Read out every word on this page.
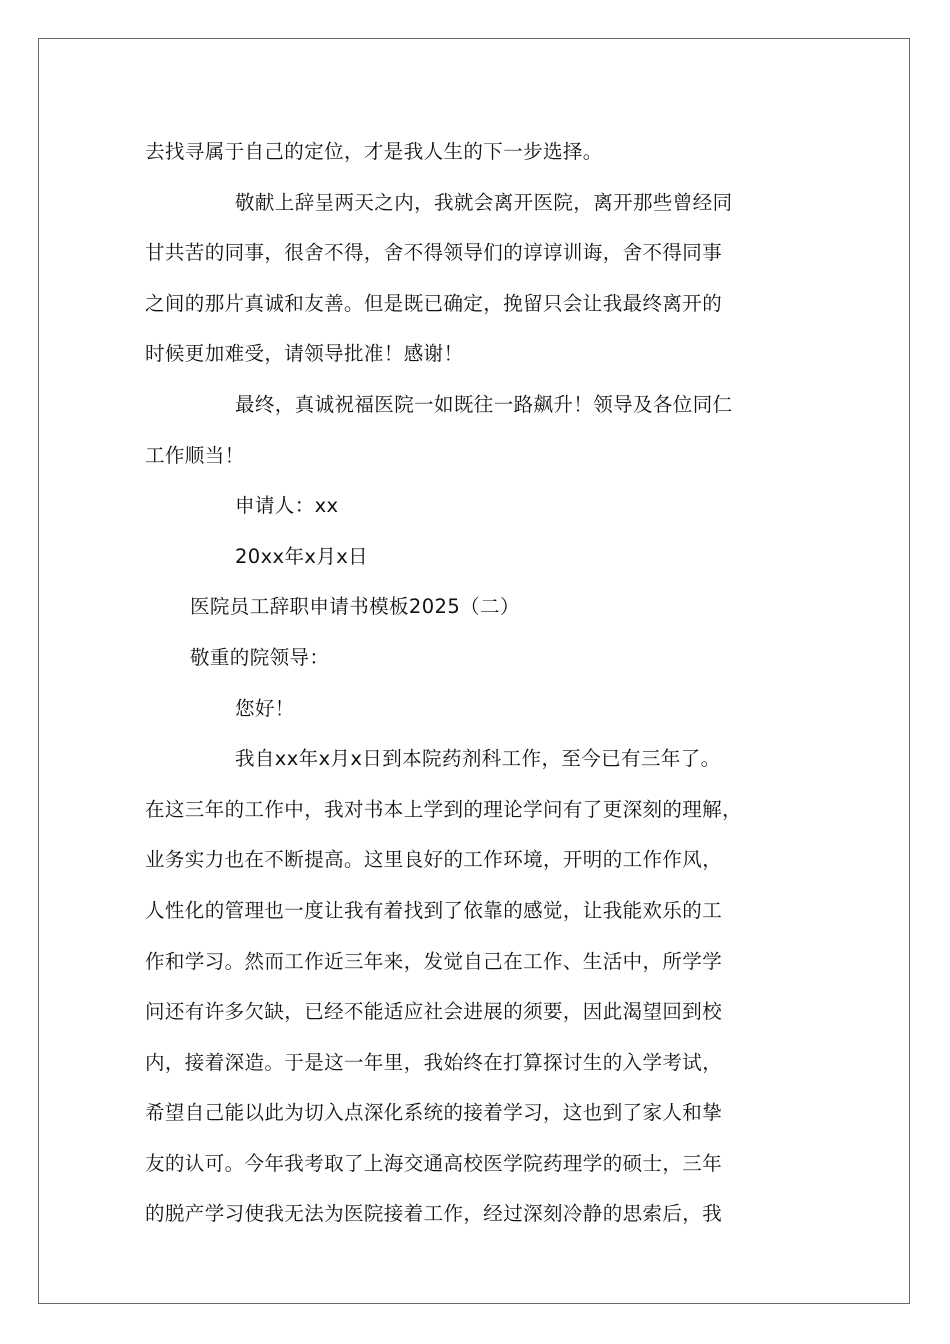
去找寻属于自己的定位，才是我人生的下一步选择。
敬献上辞呈两天之内，我就会离开医院，离开那些曾经同
甘共苦的同事，很舍不得，舍不得领导们的谆谆训诲，舍不得同事
之间的那片真诚和友善。但是既已确定，挽留只会让我最终离开的
时候更加难受，请领导批准！感谢！
最终，真诚祝福医院一如既往一路飙升！领导及各位同仁
工作顺当！
申请人：xx
20xx年x月x日
医院员工辞职申请书模板2025（二）
敬重的院领导：
您好！
我自xx年x月x日到本院药剂科工作，至今已有三年了。
在这三年的工作中，我对书本上学到的理论学问有了更深刻的理解，
业务实力也在不断提高。这里良好的工作环境，开明的工作作风，
人性化的管理也一度让我有着找到了依靠的感觉，让我能欢乐的工
作和学习。然而工作近三年来，发觉自己在工作、生活中，所学学
问还有许多欠缺，已经不能适应社会进展的须要，因此渴望回到校
内，接着深造。于是这一年里，我始终在打算探讨生的入学考试，
希望自己能以此为切入点深化系统的接着学习，这也到了家人和挚
友的认可。今年我考取了上海交通高校医学院药理学的硕士，三年
的脱产学习使我无法为医院接着工作，经过深刻冷静的思索后，我
